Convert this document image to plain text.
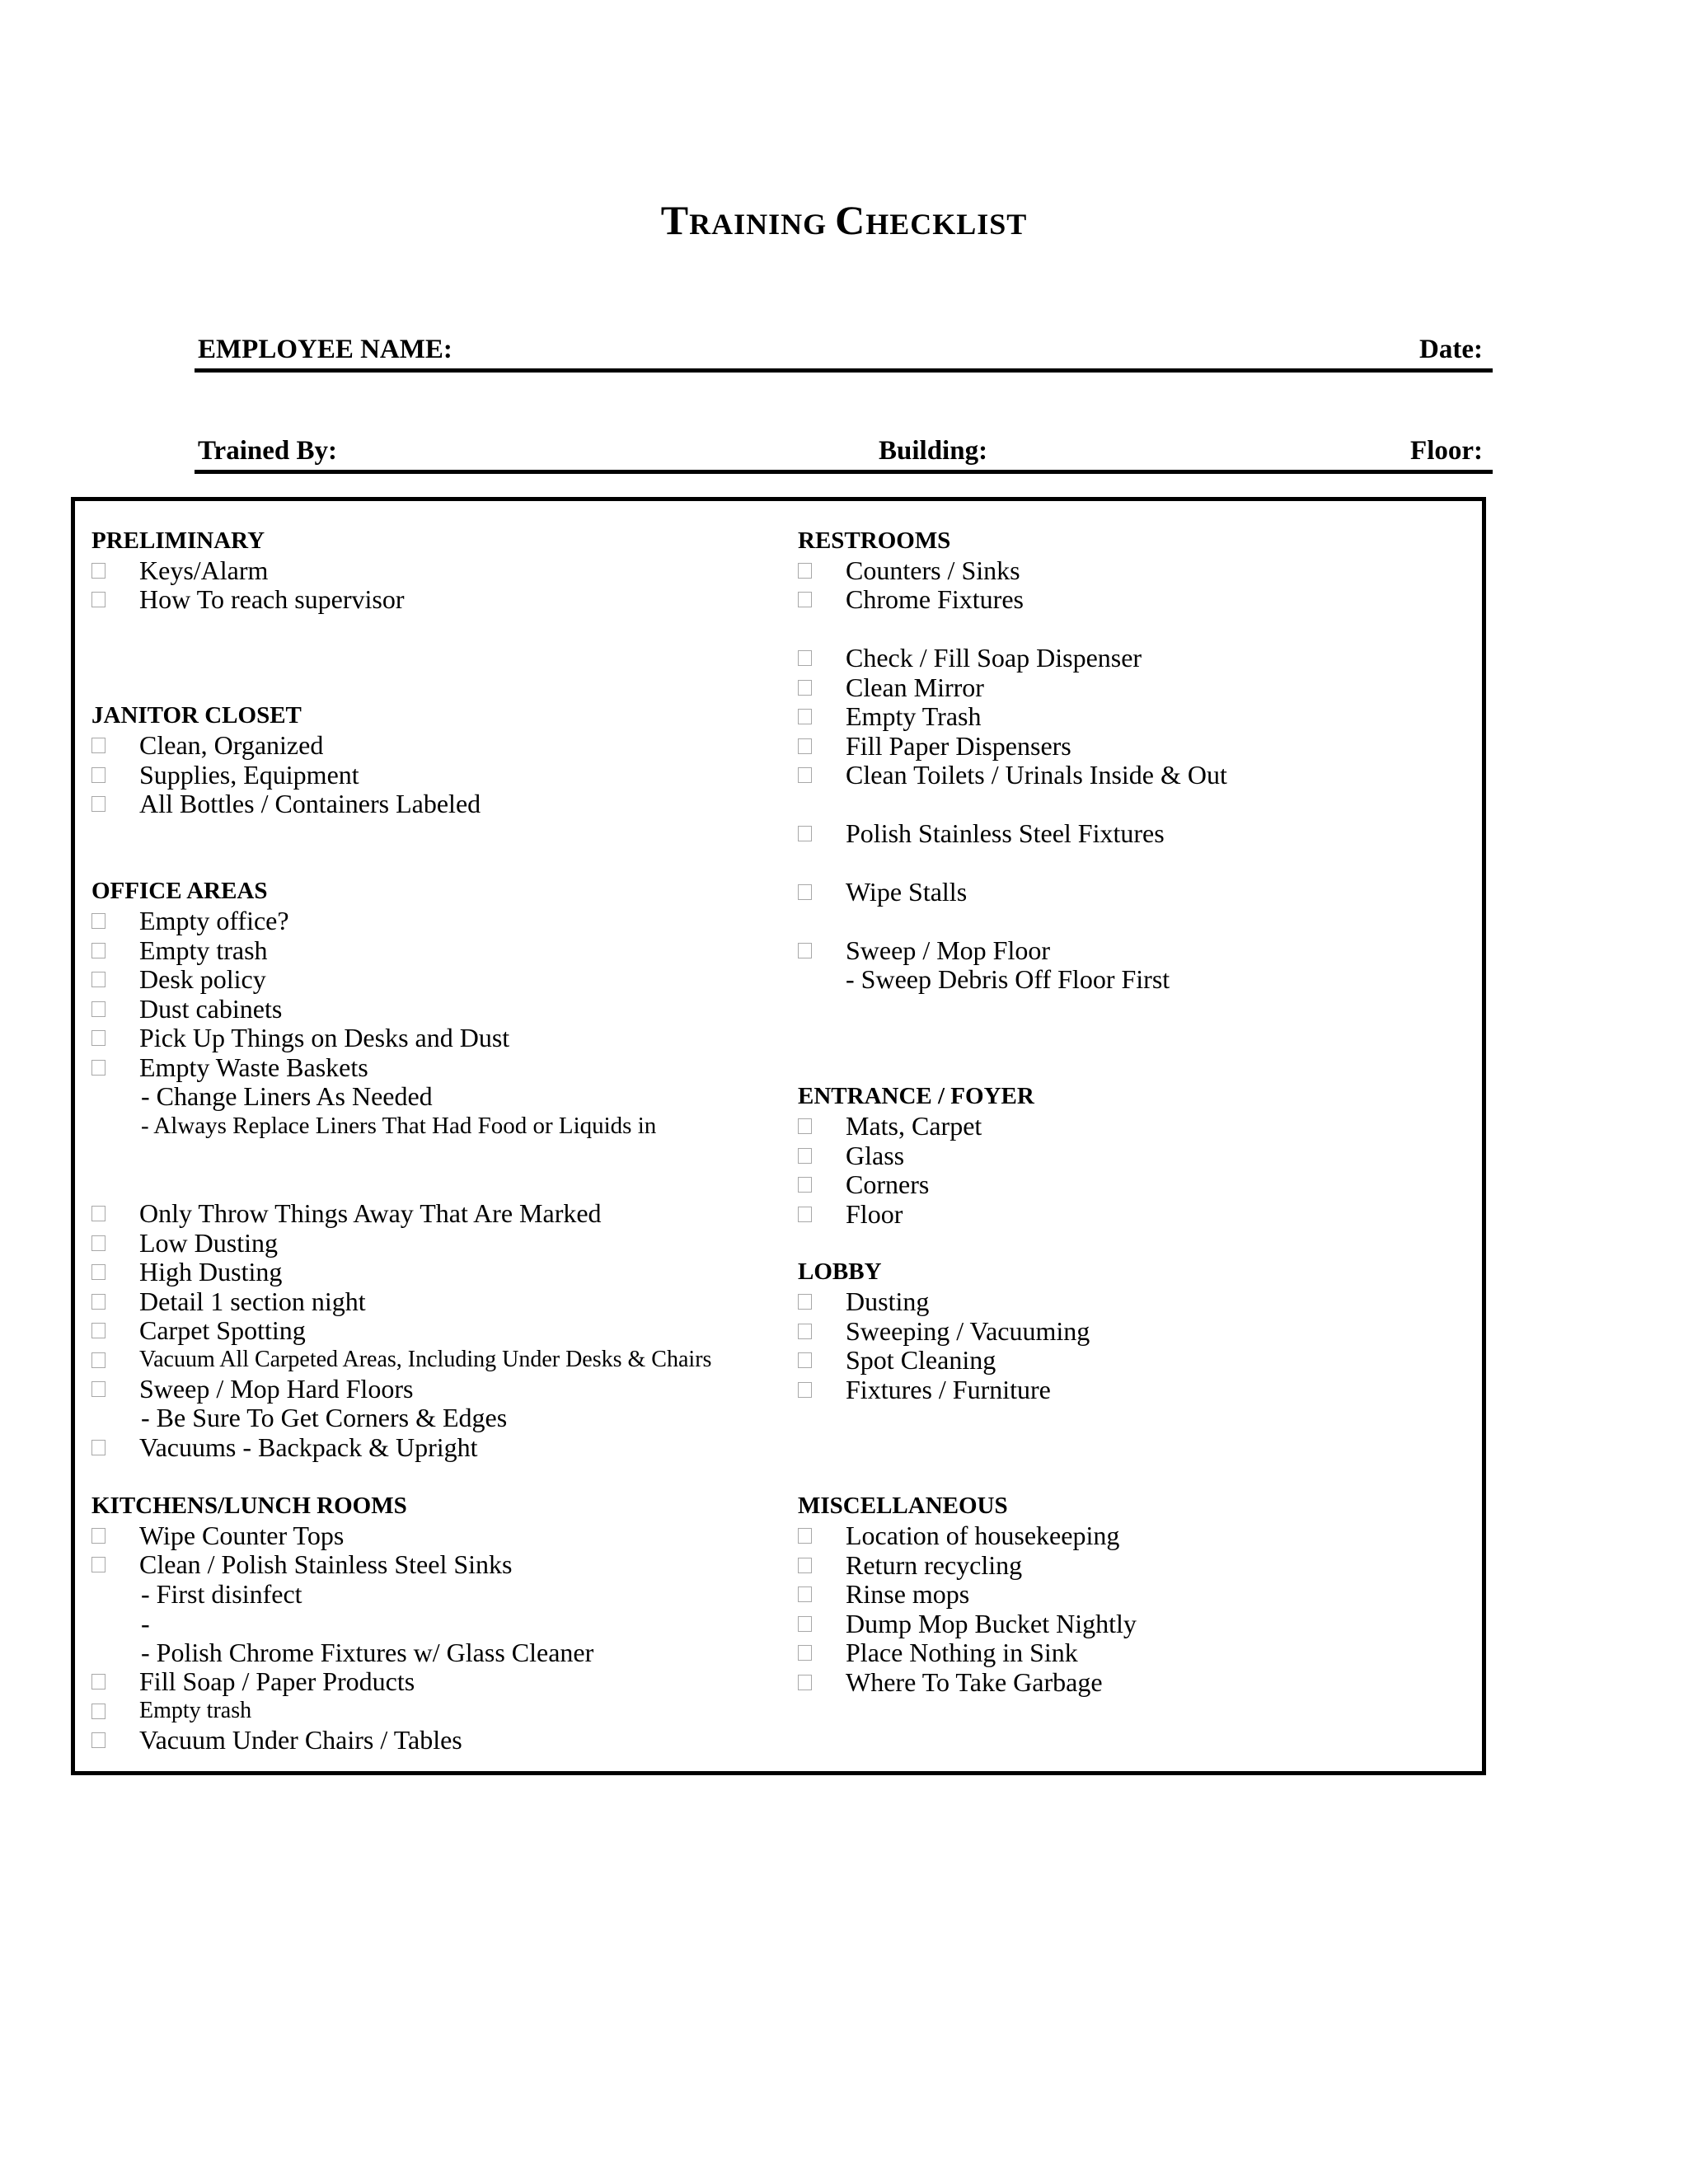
TRAINING CHECKLIST
EMPLOYEE NAME:	Date:
Trained By:	Building:	Floor:
PRELIMINARY
Keys/Alarm
How To reach supervisor
JANITOR CLOSET
Clean, Organized
Supplies, Equipment
All Bottles / Containers Labeled
OFFICE AREAS
Empty office?
Empty trash
Desk policy
Dust cabinets
Pick Up Things on Desks and Dust
Empty Waste Baskets
- Change Liners As Needed
- Always Replace Liners That Had Food or Liquids in
Only Throw Things Away That Are Marked
Low Dusting
High Dusting
Detail 1 section night
Carpet Spotting
Vacuum All Carpeted Areas, Including Under Desks & Chairs
Sweep / Mop Hard Floors
- Be Sure To Get Corners & Edges
Vacuums - Backpack & Upright
KITCHENS/LUNCH ROOMS
Wipe Counter Tops
Clean / Polish Stainless Steel Sinks
- First disinfect
-
- Polish Chrome Fixtures w/ Glass Cleaner
Fill Soap / Paper Products
Empty trash
Vacuum Under Chairs / Tables
RESTROOMS
Counters / Sinks
Chrome Fixtures
Check / Fill Soap Dispenser
Clean Mirror
Empty Trash
Fill Paper Dispensers
Clean Toilets / Urinals Inside & Out
Polish Stainless Steel Fixtures
Wipe Stalls
Sweep / Mop Floor
- Sweep Debris Off Floor First
ENTRANCE / FOYER
Mats, Carpet
Glass
Corners
Floor
LOBBY
Dusting
Sweeping / Vacuuming
Spot Cleaning
Fixtures / Furniture
MISCELLANEOUS
Location of housekeeping
Return recycling
Rinse mops
Dump Mop Bucket Nightly
Place Nothing in Sink
Where To Take Garbage
